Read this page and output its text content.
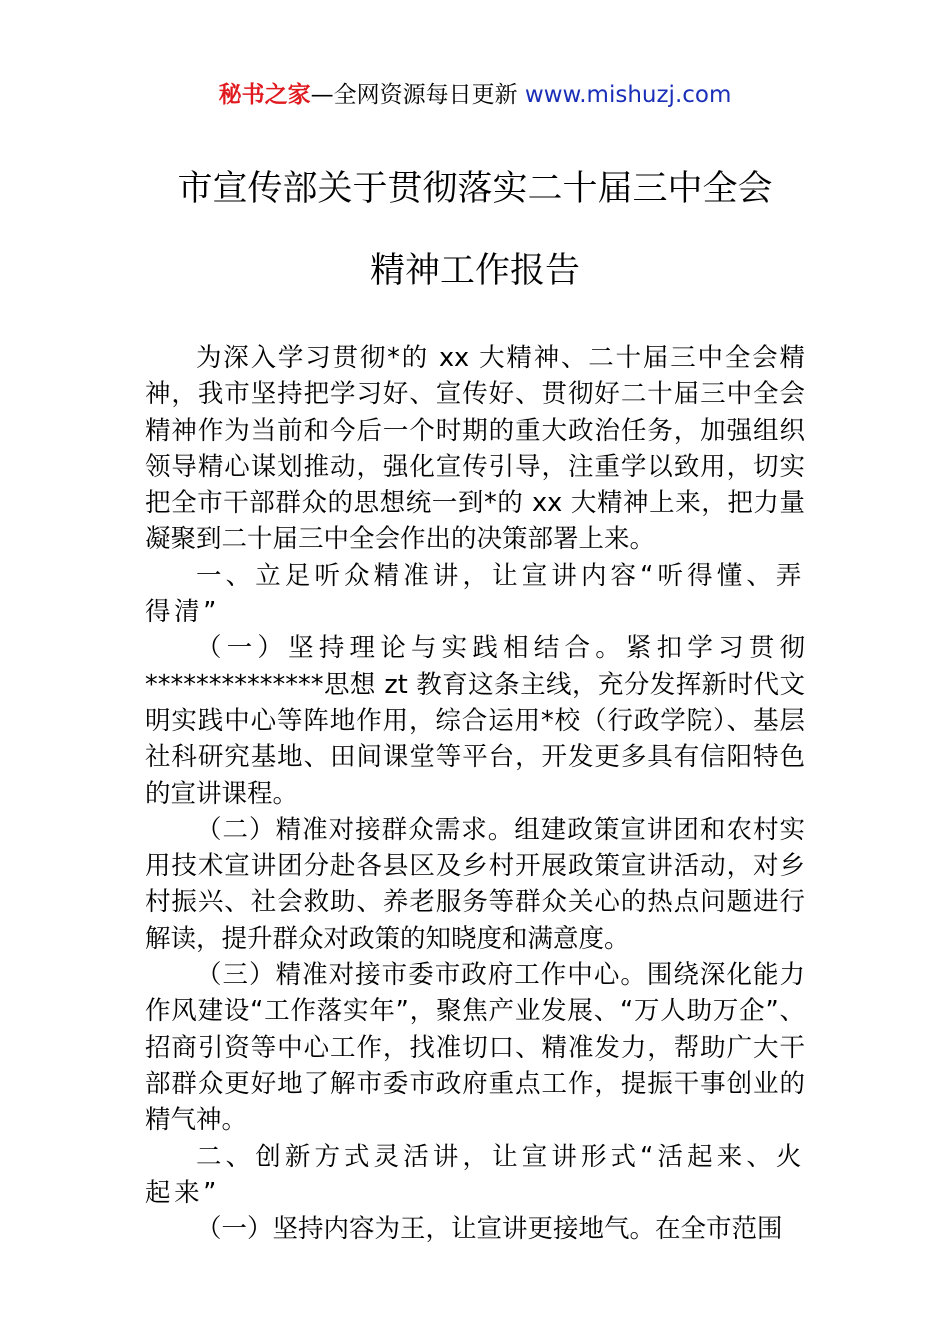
秘书之家—全网资源每日更新 www.mishuzj.com
市宣传部关于贯彻落实二十届三中全会
精神工作报告

为深入学习贯彻*的 xx 大精神、二十届三中全会精神，我市坚持把学习好、宣传好、贯彻好二十届三中全会精神作为当前和今后一个时期的重大政治任务，加强组织领导精心谋划推动，强化宣传引导，注重学以致用，切实把全市干部群众的思想统一到*的 xx 大精神上来，把力量凝聚到二十届三中全会作出的决策部署上来。

一、立足听众精准讲，让宣讲内容“听得懂、弄得清”

（一）坚持理论与实践相结合。紧扣学习贯彻**************思想 zt 教育这条主线，充分发挥新时代文明实践中心等阵地作用，综合运用*校（行政学院）、基层社科研究基地、田间课堂等平台，开发更多具有信阳特色的宣讲课程。

（二）精准对接群众需求。组建政策宣讲团和农村实用技术宣讲团分赴各县区及乡村开展政策宣讲活动，对乡村振兴、社会救助、养老服务等群众关心的热点问题进行解读，提升群众对政策的知晓度和满意度。

（三）精准对接市委市政府工作中心。围绕深化能力作风建设“工作落实年”，聚焦产业发展、“万人助万企”、招商引资等中心工作，找准切口、精准发力，帮助广大干部群众更好地了解市委市政府重点工作，提振干事创业的精气神。

二、创新方式灵活讲，让宣讲形式“活起来、火起来”

（一）坚持内容为王，让宣讲更接地气。在全市范围
